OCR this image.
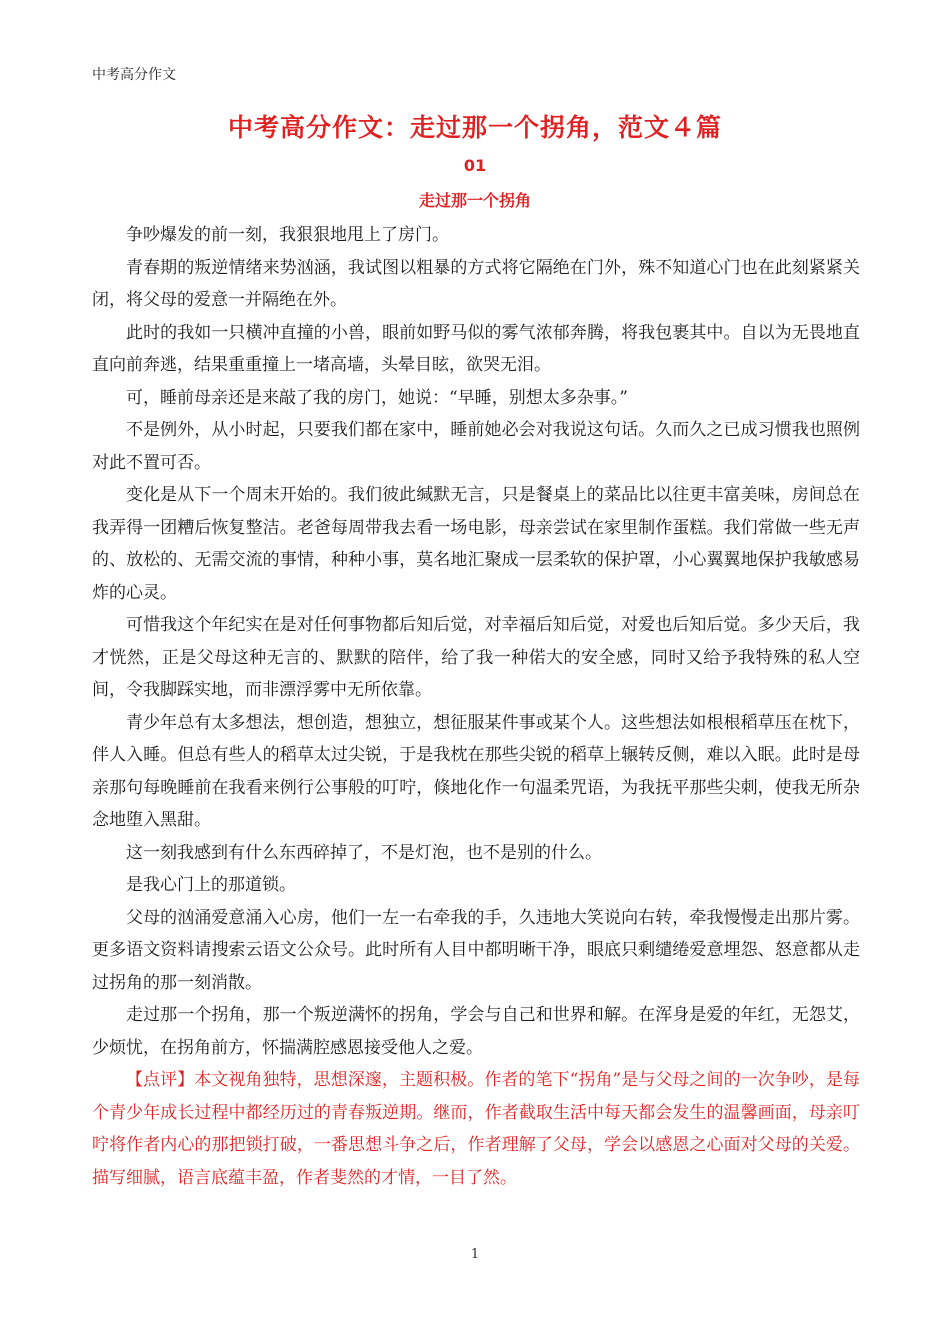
中考高分作文
中考高分作文：走过那一个拐角，范文４篇
01
走过那一个拐角

争吵爆发的前一刻，我狠狠地甩上了房门。

青春期的叛逆情绪来势汹涵，我试图以粗暴的方式将它隔绝在门外，殊不知道心门也在此刻紧紧关闭，将父母的爱意一并隔绝在外。

此时的我如一只横冲直撞的小兽，眼前如野马似的雾气浓郁奔腾，将我包裹其中。自以为无畏地直直向前奔逃，结果重重撞上一堵高墙，头晕目眩，欲哭无泪。

可，睡前母亲还是来敲了我的房门，她说：“早睡，别想太多杂事。”

不是例外，从小时起，只要我们都在家中，睡前她必会对我说这句话。久而久之已成习惯我也照例对此不置可否。

变化是从下一个周末开始的。我们彼此缄默无言，只是餐桌上的菜品比以往更丰富美味，房间总在我弄得一团糟后恢复整洁。老爸每周带我去看一场电影，母亲尝试在家里制作蛋糕。我们常做一些无声的、放松的、无需交流的事情，种种小事，莫名地汇聚成一层柔软的保护罩，小心翼翼地保护我敏感易炸的心灵。

可惜我这个年纪实在是对任何事物都后知后觉，对幸福后知后觉，对爱也后知后觉。多少天后，我才恍然，正是父母这种无言的、默默的陪伴，给了我一种偌大的安全感，同时又给予我特殊的私人空间，令我脚踩实地，而非漂浮雾中无所依靠。

青少年总有太多想法，想创造，想独立，想征服某件事或某个人。这些想法如根根稻草压在枕下，伴人入睡。但总有些人的稻草太过尖锐，于是我枕在那些尖锐的稻草上辗转反侧，难以入眠。此时是母亲那句每晚睡前在我看来例行公事般的叮咛，倏地化作一句温柔咒语，为我抚平那些尖刺，使我无所杂念地堕入黑甜。

这一刻我感到有什么东西碎掉了，不是灯泡，也不是别的什么。

是我心门上的那道锁。

父母的汹涌爱意涌入心房，他们一左一右牵我的手，久违地大笑说向右转，牵我慢慢走出那片雾。更多语文资料请搜索云语文公众号。此时所有人目中都明晰干净，眼底只剩缱绻爱意埋怨、怒意都从走过拐角的那一刻消散。

走过那一个拐角，那一个叛逆满怀的拐角，学会与自己和世界和解。在浑身是爱的年红，无怨艾，少烦忧，在拐角前方，怀揣满腔感恩接受他人之爱。

【点评】本文视角独特，思想深邃，主题积极。作者的笔下“拐角”是与父母之间的一次争吵，是每个青少年成长过程中都经历过的青春叛逆期。继而，作者截取生活中每天都会发生的温馨画面，母亲叮咛将作者内心的那把锁打破，一番思想斗争之后，作者理解了父母，学会以感恩之心面对父母的关爱。描写细腻，语言底蕴丰盈，作者斐然的才情，一目了然。

1
